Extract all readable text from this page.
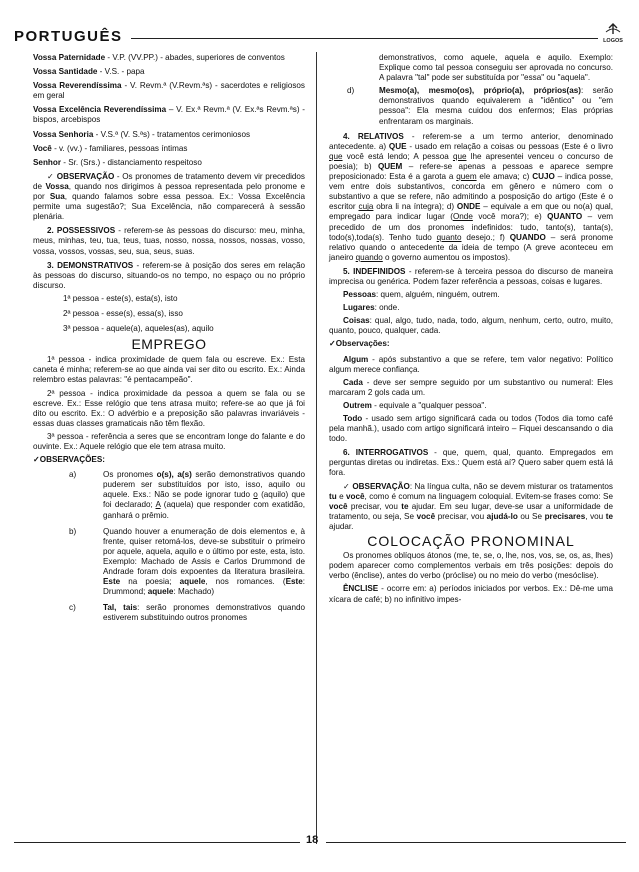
PORTUGUÊS	LOGOS

Vossa Paternidade - V.P. (VV.PP.) - abades, superiores de conventos

Vossa Santidade - V.S. - papa

Vossa Reverendíssima - V. Revm.ª (V.Revm.ªs) - sacerdotes e religiosos em geral

Vossa Excelência Reverendíssima – V. Ex.ª Revm.ª (V. Ex.ªs Revm.ªs) - bispos, arcebispos

Vossa Senhoria - V.S.ª (V. S.ªs) - tratamentos cerimoniosos

Você - v. (vv.) - familiares, pessoas íntimas

Senhor - Sr. (Srs.) - distanciamento respeitoso

✓ OBSERVAÇÃO - Os pronomes de tratamento devem vir precedidos de Vossa, quando nos dirigimos à pessoa representada pelo pronome e por Sua, quando falamos sobre essa pessoa. Ex.: Vossa Excelência permite uma sugestão?; Sua Excelência, não comparecerá à sessão plenária.

2. POSSESSIVOS - referem-se às pessoas do discurso: meu, minha, meus, minhas, teu, tua, teus, tuas, nosso, nossa, nossos, nossas, vosso, vossa, vossos, vossas, seu, sua, seus, suas.

3. DEMONSTRATIVOS - referem-se à posição dos seres em relação às pessoas do discurso, situando-os no tempo, no espaço ou no próprio discurso.

1ª pessoa - este(s), esta(s), isto

2ª pessoa - esse(s), essa(s), isso

3ª pessoa - aquele(a), aqueles(as), aquilo

EMPREGO

1ª pessoa - indica proximidade de quem fala ou escreve. Ex.: Esta caneta é minha; referem-se ao que ainda vai ser dito ou escrito. Ex.: Ainda relembro estas palavras: "é pentacampeão".

2ª pessoa - indica proximidade da pessoa a quem se fala ou se escreve. Ex.: Esse relógio que tens atrasa muito; refere-se ao que já foi dito ou escrito. Ex.: O advérbio e a preposição são palavras invariáveis - essas duas classes gramaticais não têm flexão.

3ª pessoa - referência a seres que se encontram longe do falante e do ouvinte. Ex.: Aquele relógio que ele tem atrasa muito.

✓OBSERVAÇÕES:
a)	Os pronomes o(s), a(s) serão demonstrativos quando puderem ser substituídos por isto, isso, aquilo ou aquele. Exs.: Não se pode ignorar tudo o (aquilo) que foi declarado; A (aquela) que responder com exatidão, ganhará o prêmio.
b)	Quando houver a enumeração de dois elementos e, à frente, quiser retomá-los, deve-se substituir o primeiro por aquele, aquela, aquilo e o último por este, esta, isto. Exemplo: Machado de Assis e Carlos Drummond de Andrade foram dois expoentes da literatura brasileira. Este na poesia; aquele, nos romances. (Este: Drummond; aquele: Machado)
c)	Tal, tais: serão pronomes demonstrativos quando estiverem substituindo outros pronomes

demonstrativos, como aquele, aquela e aquilo. Exemplo: Explique como tal pessoa conseguiu ser aprovada no concurso. A palavra "tal" pode ser substituída por "essa" ou "aquela".

d)	Mesmo(a), mesmo(os), próprio(a), próprios(as): serão demonstrativos quando equivalerem a "idêntico" ou "em pessoa": Ela mesma cuidou dos enfermos; Elas próprias enfrentaram os marginais.

4. RELATIVOS - referem-se a um termo anterior, denominado antecedente. a) QUE - usado em relação a coisas ou pessoas (Este é o livro que você está lendo; A pessoa que lhe apresentei venceu o concurso de poesia); b) QUEM – refere-se apenas a pessoas e aparece sempre preposicionado: Esta é a garota a quem ele amava; c) CUJO – indica posse, vem entre dois substantivos, concorda em gênero e número com o substantivo a que se refere, não admitindo a posposição do artigo (Este é o escritor cuja obra li na íntegra); d) ONDE – equivale a em que ou no(a) qual, empregado para indicar lugar (Onde você mora?); e) QUANTO – vem precedido de um dos pronomes indefinidos: tudo, tanto(s), tanta(s), todo(s),toda(s). Tenho tudo quanto desejo.; f) QUANDO – será pronome relativo quando o antecedente da ideia de tempo (A greve aconteceu em janeiro quando o governo aumentou os impostos).

5. INDEFINIDOS - referem-se à terceira pessoa do discurso de maneira imprecisa ou genérica. Podem fazer referência a pessoas, coisas e lugares.

Pessoas: quem, alguém, ninguém, outrem.

Lugares: onde.

Coisas: qual, algo, tudo, nada, todo, algum, nenhum, certo, outro, muito, quanto, pouco, qualquer, cada.

✓Observações:

Algum - após substantivo a que se refere, tem valor negativo: Político algum merece confiança.

Cada - deve ser sempre seguido por um substantivo ou numeral: Eles marcaram 2 gols cada um.

Outrem - equivale a "qualquer pessoa".

Todo - usado sem artigo significará cada ou todos (Todos dia tomo café pela manhã.), usado com artigo significará inteiro – Fiquei descansando o dia todo.

6. INTERROGATIVOS - que, quem, qual, quanto. Empregados em perguntas diretas ou indiretas. Exs.: Quem está aí? Quero saber quem está lá fora.

✓ OBSERVAÇÃO: Na língua culta, não se devem misturar os tratamentos tu e você, como é comum na linguagem coloquial. Evitem-se frases como: Se você precisar, vou te ajudar. Em seu lugar, deve-se usar a uniformidade de tratamento, ou seja, Se você precisar, vou ajudá-lo ou Se precisares, vou te ajudar.

COLOCAÇÃO PRONOMINAL

Os pronomes oblíquos átonos (me, te, se, o, lhe, nos, vos, se, os, as, lhes) podem aparecer como complementos verbais em três posições: depois do verbo (ênclise), antes do verbo (próclise) ou no meio do verbo (mesóclise).

ÊNCLISE - ocorre em: a) períodos iniciados por verbos. Ex.: Dê-me uma xícara de café; b) no infinitivo impes-

18
